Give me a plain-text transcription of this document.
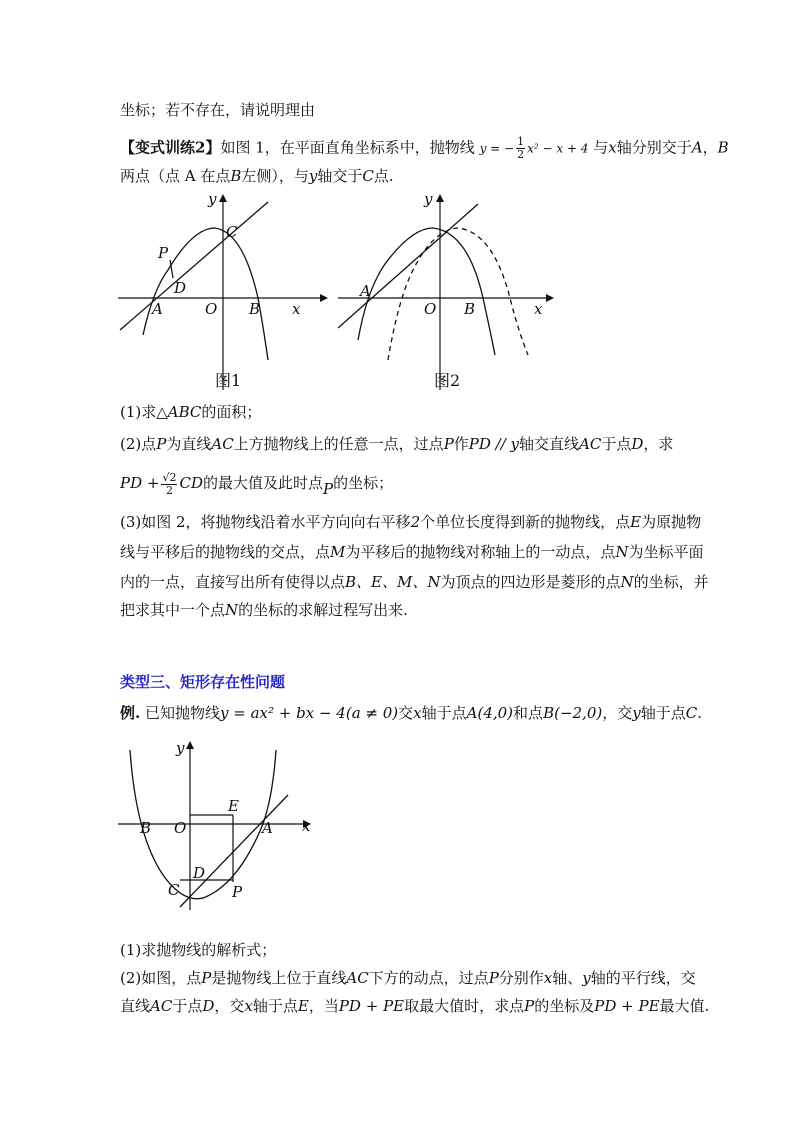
坐标；若不存在，请说明理由
【变式训练2】如图 1，在平面直角坐标系中，抛物线 y = − $\frac{1}{2} x^2 - x + 4$ 与x轴分别交于A，B
两点（点 A 在点B左侧），与y轴交于C点.
x
y
O
A	B
C
P
D
图1
x
y
O
A
B
图2
(1)求△ABC的面积；
(2)点P为直线AC上方抛物线上的任意一点，过点P作PD // y轴交直线AC于点D，求
PD + $\frac{√2}{2}$ CD的最大值及此时点P的坐标；
(3)如图 2，将抛物线沿着水平方向向右平移2个单位长度得到新的抛物线，点E为原抛物
线与平移后的抛物线的交点，点M为平移后的抛物线对称轴上的一动点，点N为坐标平面
内的一点，直接写出所有使得以点B、E、M、N为顶点的四边形是菱形的点N的坐标，并
把求其中一个点N的坐标的求解过程写出来.
类型三、矩形存在性问题
例. 已知抛物线y = ax² + bx − 4(a ≠ 0)交x轴于点A(4,0)和点B(−2,0)，交y轴于点C.
x
y
O
B	A
E
D
C	P
(1)求抛物线的解析式；
(2)如图，点P是抛物线上位于直线AC下方的动点，过点P分别作x轴、y轴的平行线，交
直线AC于点D，交x轴于点E，当PD + PE取最大值时，求点P的坐标及PD + PE最大值.
